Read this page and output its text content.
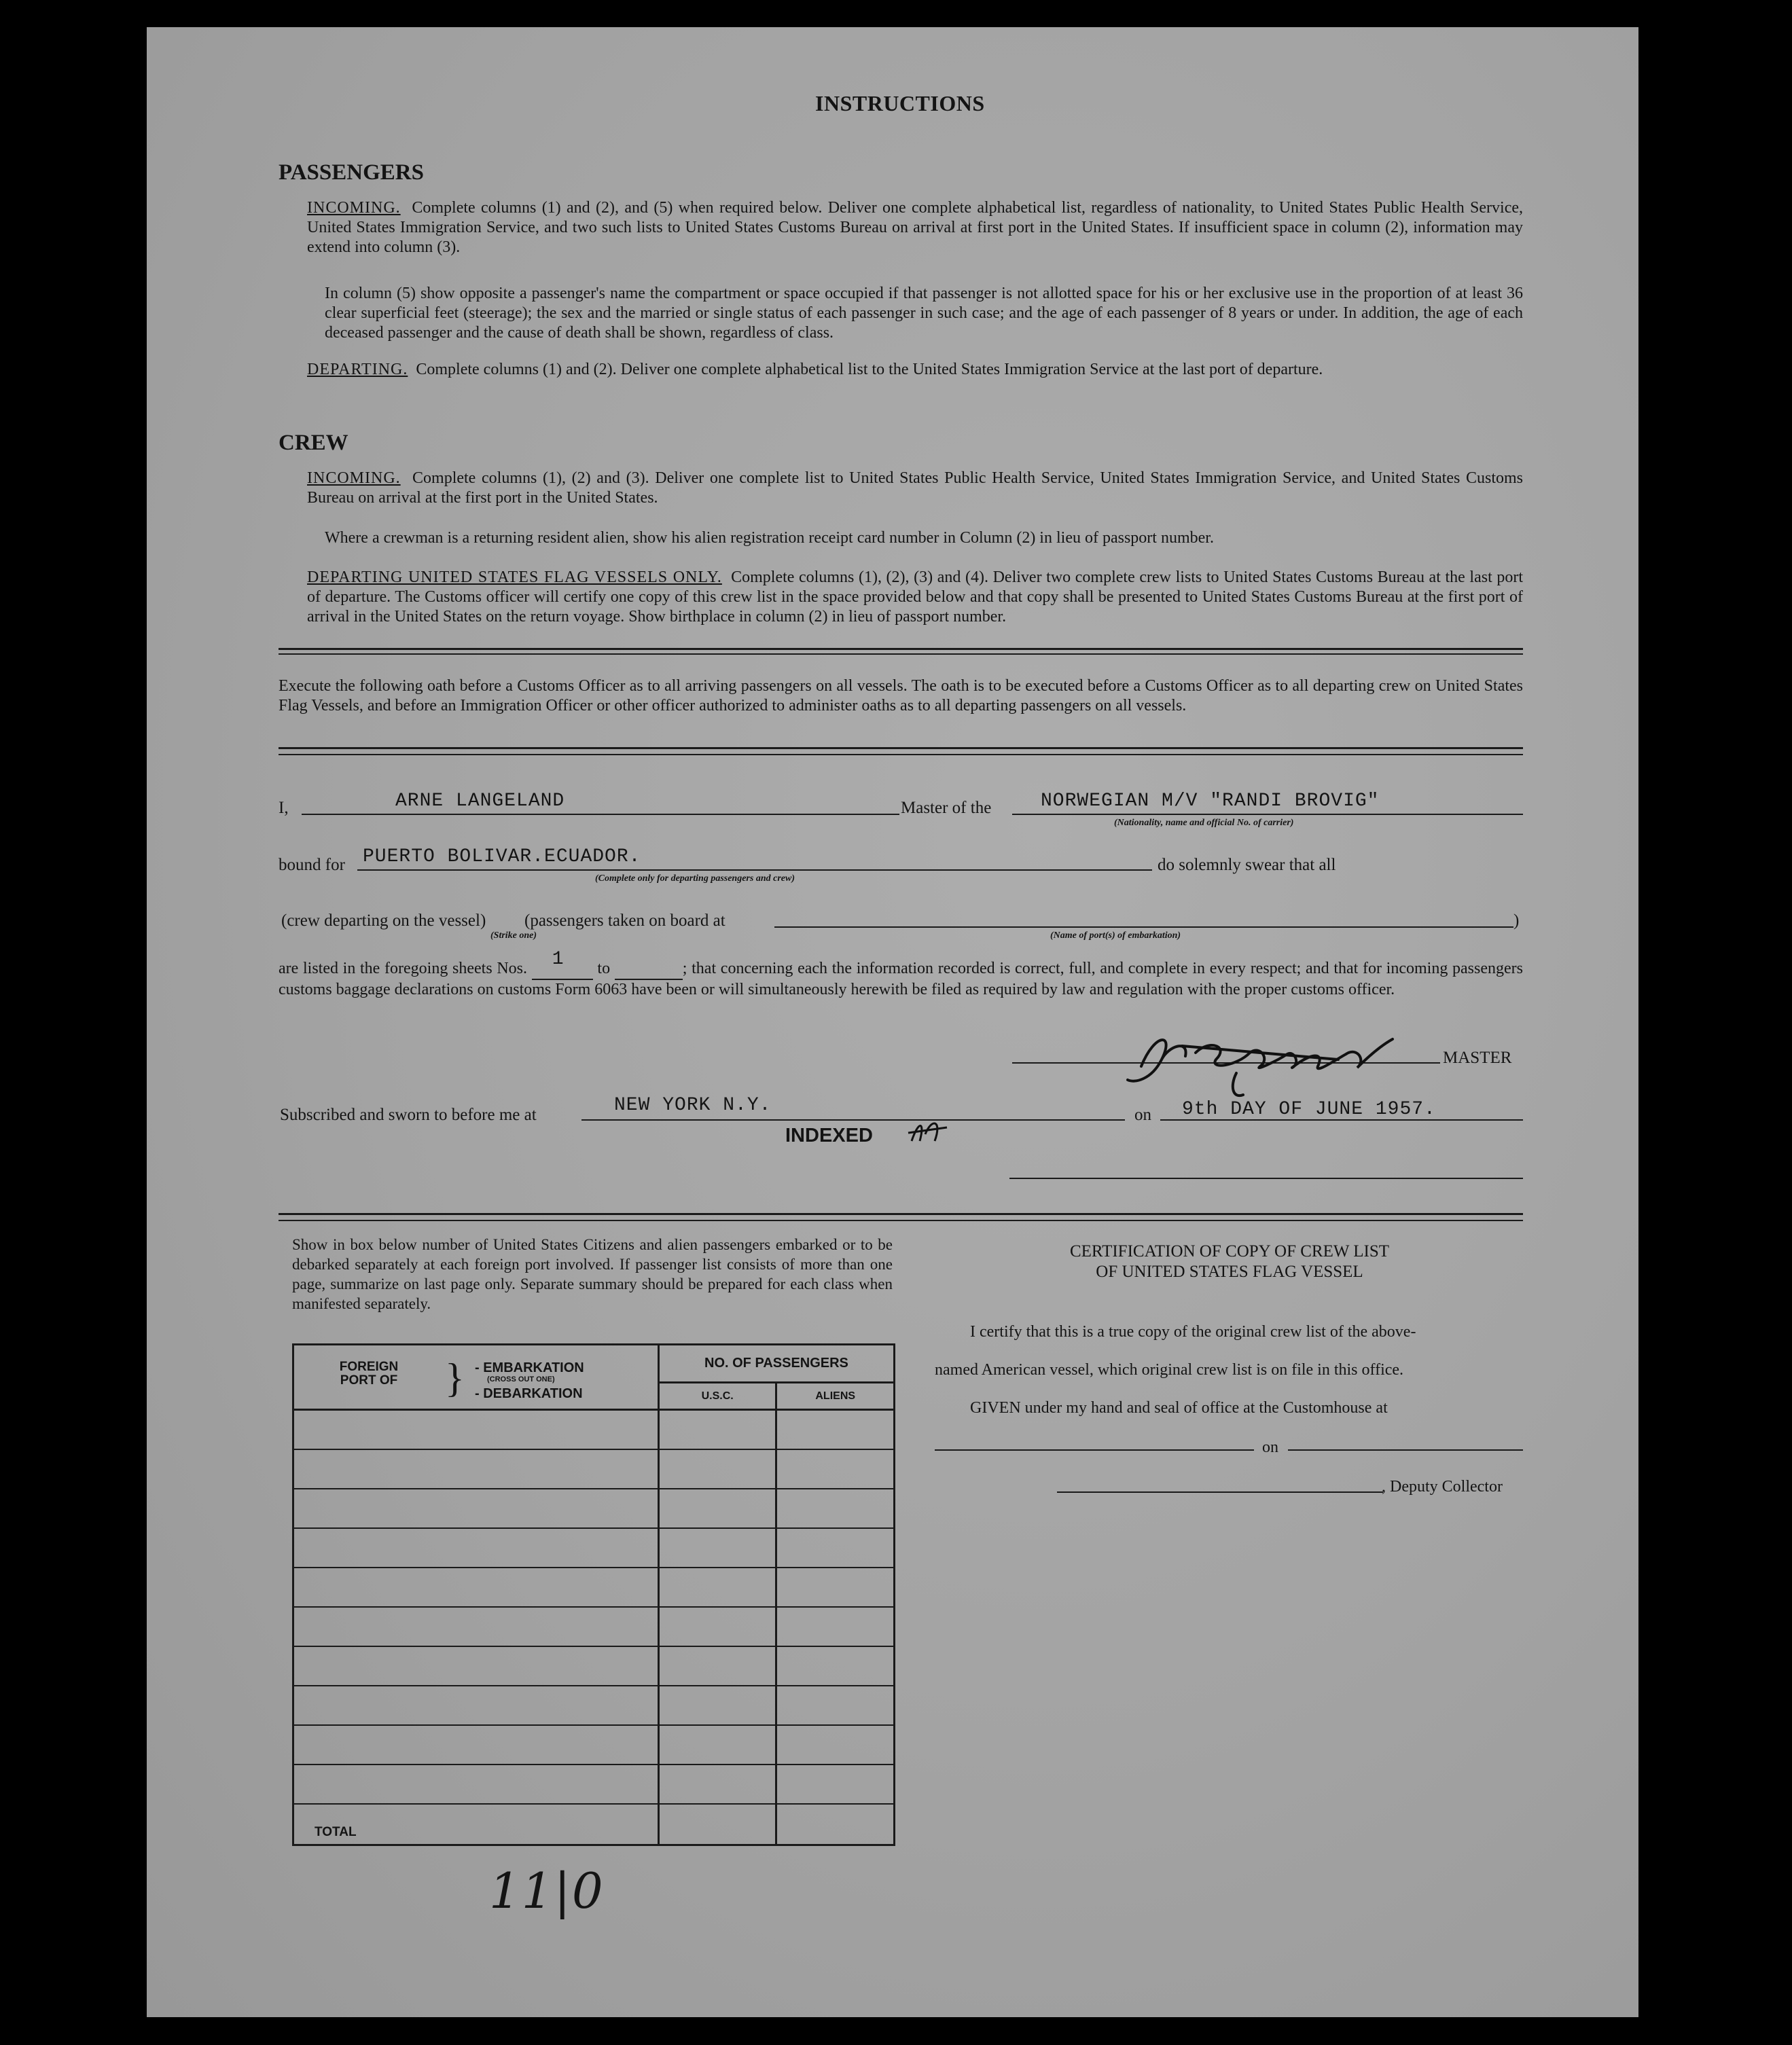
INSTRUCTIONS
PASSENGERS
INCOMING. Complete columns (1) and (2), and (5) when required below. Deliver one complete alphabetical list, regardless of nationality, to United States Public Health Service, United States Immigration Service, and two such lists to United States Customs Bureau on arrival at first port in the United States. If insufficient space in column (2), information may extend into column (3).
In column (5) show opposite a passenger's name the compartment or space occupied if that passenger is not allotted space for his or her exclusive use in the proportion of at least 36 clear superficial feet (steerage); the sex and the married or single status of each passenger in such case; and the age of each passenger of 8 years or under. In addition, the age of each deceased passenger and the cause of death shall be shown, regardless of class.
DEPARTING. Complete columns (1) and (2). Deliver one complete alphabetical list to the United States Immigration Service at the last port of departure.
CREW
INCOMING. Complete columns (1), (2) and (3). Deliver one complete list to United States Public Health Service, United States Immigration Service, and United States Customs Bureau on arrival at the first port in the United States.
Where a crewman is a returning resident alien, show his alien registration receipt card number in Column (2) in lieu of passport number.
DEPARTING UNITED STATES FLAG VESSELS ONLY. Complete columns (1), (2), (3) and (4). Deliver two complete crew lists to United States Customs Bureau at the last port of departure. The Customs officer will certify one copy of this crew list in the space provided below and that copy shall be presented to United States Customs Bureau at the first port of arrival in the United States on the return voyage. Show birthplace in column (2) in lieu of passport number.
Execute the following oath before a Customs Officer as to all arriving passengers on all vessels. The oath is to be executed before a Customs Officer as to all departing crew on United States Flag Vessels, and before an Immigration Officer or other officer authorized to administer oaths as to all departing passengers on all vessels.
I,	ARNE LANGELAND	Master of the	NORWEGIAN M/V "RANDI BROVIG"
(Nationality, name and official No. of carrier)
bound for PUERTO BOLIVAR.ECUADOR.
(Complete only for departing passengers and crew)
do solemnly swear that all
(crew departing on the vessel)
(Strike one)
(passengers taken on board at
(Name of port(s) of embarkation)
)
are listed in the foregoing sheets Nos. 1 to	; that concerning each the information recorded is correct, full, and complete in every respect; and that for incoming passengers customs baggage declarations on customs Form 6063 have been or will simultaneously herewith be filed as required by law and regulation with the proper customs officer.
MASTER
Subscribed and sworn to before me at	NEW YORK N.Y.	on 9th DAY OF JUNE 1957.
INDEXED
Show in box below number of United States Citizens and alien passengers embarked or to be debarked separately at each foreign port involved. If passenger list consists of more than one page, summarize on last page only. Separate summary should be prepared for each class when manifested separately.
FOREIGN PORT OF } - EMBARKATION
(CROSS OUT ONE)
- DEBARKATION	NO. OF PASSENGERS	
	U.S.C.	ALIENS

TOTAL		
CERTIFICATION OF COPY OF CREW LIST
OF UNITED STATES FLAG VESSEL
I certify that this is a true copy of the original crew list of the above-
named American vessel, which original crew list is on file in this office.
GIVEN under my hand and seal of office at the Customhouse at
on
, Deputy Collector
11|0
